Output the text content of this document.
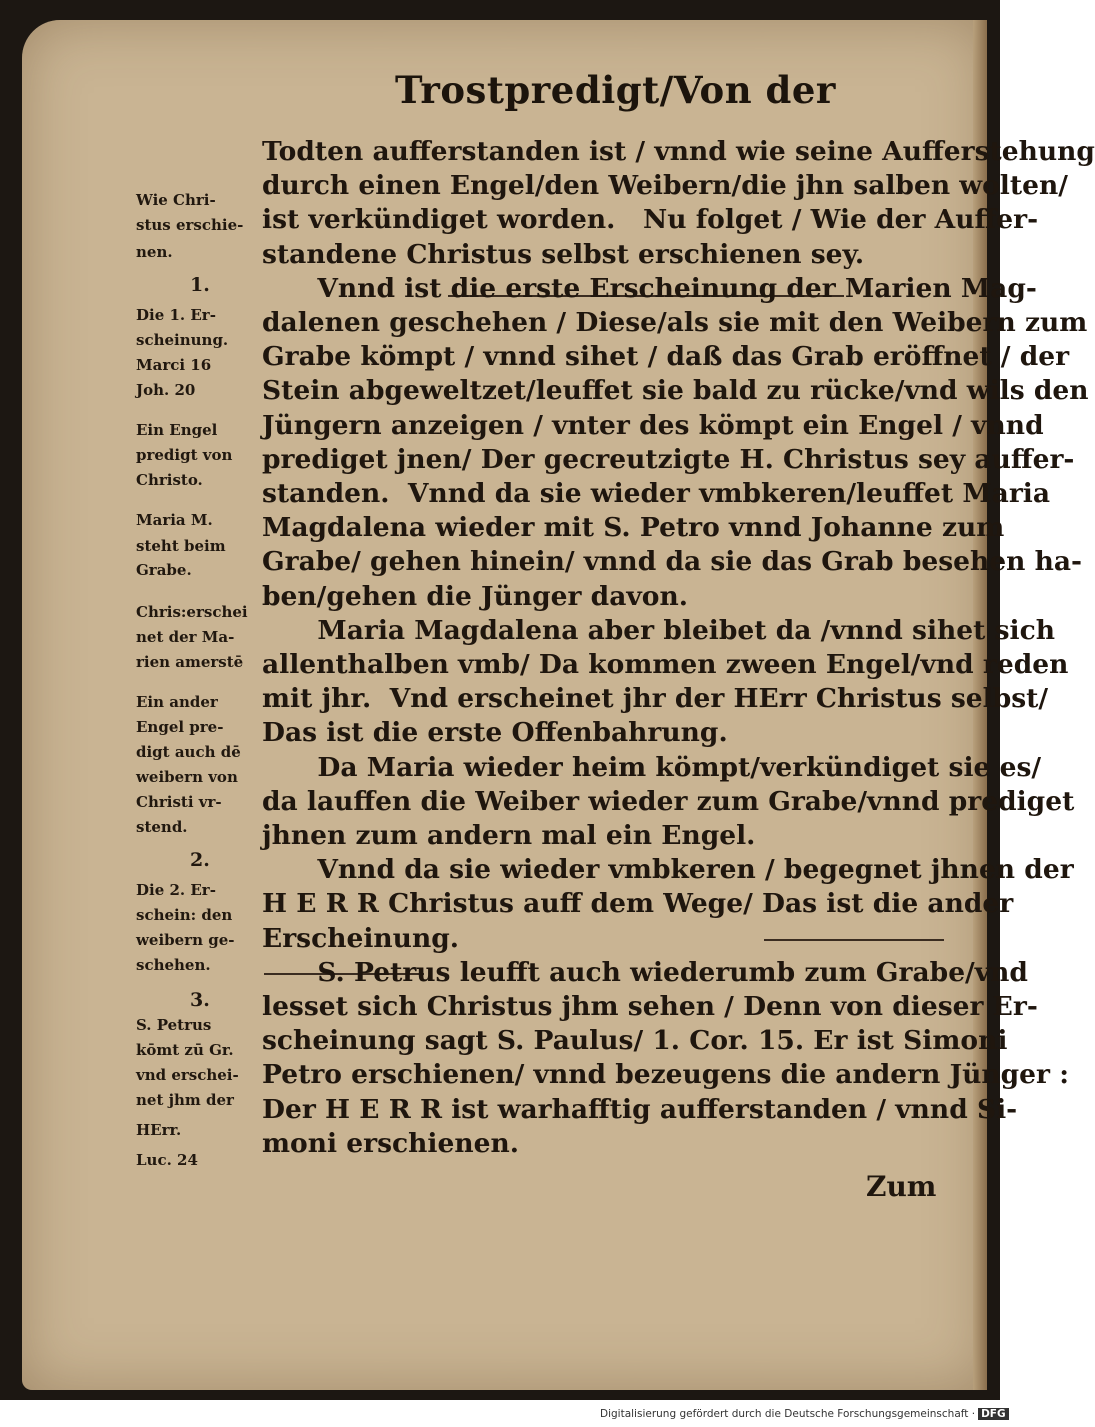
Trostpredigt/Von der
Todten aufferstanden ist / vnnd wie seine Aufferstehung
durch einen Engel/den Weibern/die jhn salben wolten/
ist verkündiget worden.   Nu folget / Wie der Auffer-
standene Christus selbst erschienen sey.
Vnnd ist die erste Erscheinung der Marien Mag-
dalenen geschehen / Diese/als sie mit den Weibern zum
Grabe kömpt / vnnd sihet / daß das Grab eröffnet / der
Stein abgeweltzet/leuffet sie bald zu rücke/vnd wils den
Jüngern anzeigen / vnter des kömpt ein Engel / vnnd
prediget jnen/ Der gecreutzigte H. Christus sey auffer-
standen.  Vnnd da sie wieder vmbkeren/leuffet Maria
Magdalena wieder mit S. Petro vnnd Johanne zum
Grabe/ gehen hinein/ vnnd da sie das Grab besehen ha-
ben/gehen die Jünger davon.
Maria Magdalena aber bleibet da /vnnd sihet sich
allenthalben vmb/ Da kommen zween Engel/vnd reden
mit jhr.  Vnd erscheinet jhr der HErr Christus selbst/
Das ist die erste Offenbahrung.
Da Maria wieder heim kömpt/verkündiget sie es/
da lauffen die Weiber wieder zum Grabe/vnnd prediget
jhnen zum andern mal ein Engel.
Vnnd da sie wieder vmbkeren / begegnet jhnen der
H E R R Christus auff dem Wege/ Das ist die ander
Erscheinung.
S. Petrus leufft auch wiederumb zum Grabe/vnd
lesset sich Christus jhm sehen / Denn von dieser Er-
scheinung sagt S. Paulus/ 1. Cor. 15. Er ist Simoni
Petro erschienen/ vnnd bezeugens die andern Jünger :
Der H E R R ist warhafftig aufferstanden / vnnd Si-
moni erschienen.
Wie Chri-
stus erschie-
nen.
1.
Die 1. Er-
scheinung.
Marci 16
Joh. 20
Ein Engel
predigt von
Christo.
Maria M.
steht beim
Grabe.
Chris:erschei
net der Ma-
rien amerstē
Ein ander
Engel pre-
digt auch dē
weibern von
Christi vr-
stend.
2.
Die 2. Er-
schein: den
weibern ge-
schehen.
3.
S. Petrus
kōmt zū Gr.
vnd erschei-
net jhm der
HErr.
Luc. 24
Zum
Digitalisierung gefördert durch die Deutsche Forschungsgemeinschaft · DFG
